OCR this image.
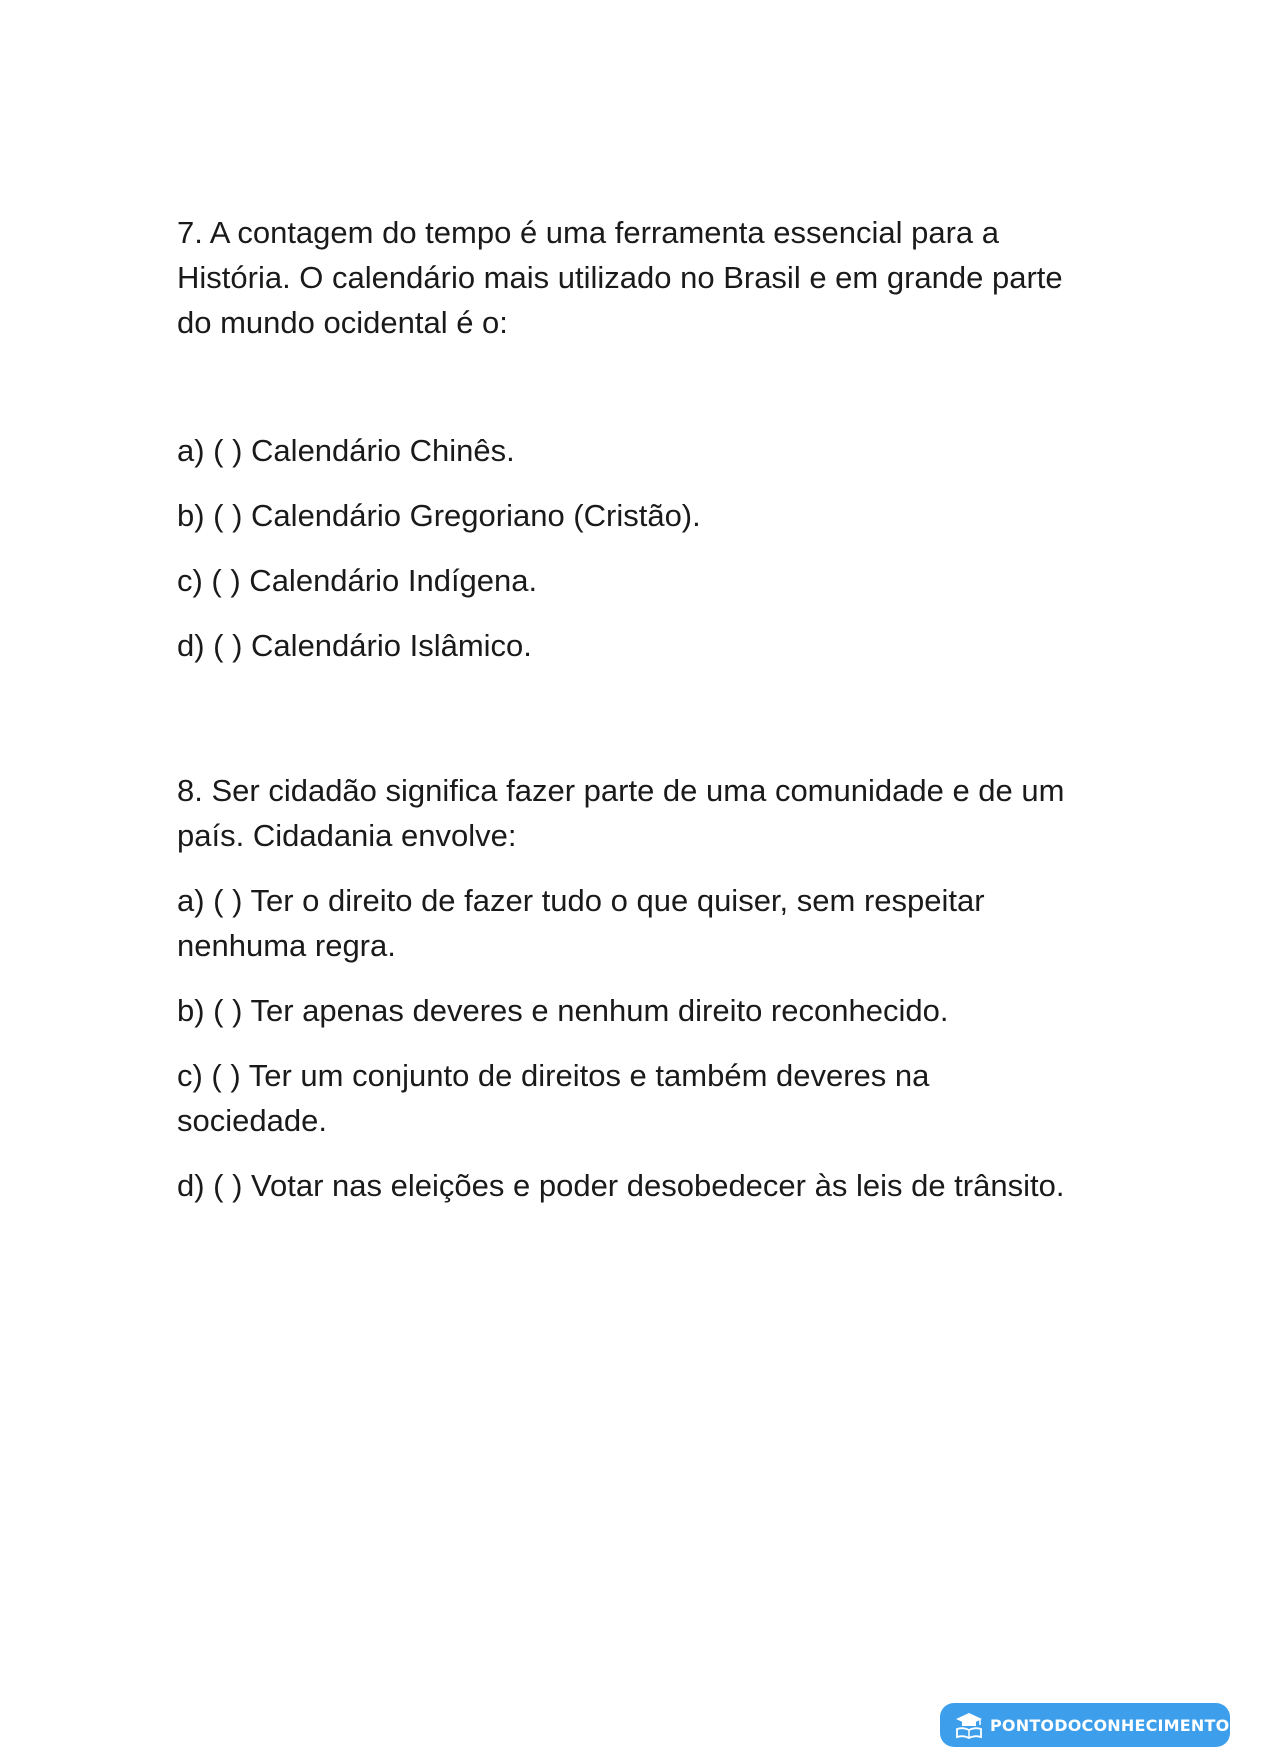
7. A contagem do tempo é uma ferramenta essencial para a História. O calendário mais utilizado no Brasil e em grande parte do mundo ocidental é o:

a) ( ) Calendário Chinês.

b) ( ) Calendário Gregoriano (Cristão).

c) ( ) Calendário Indígena.

d) ( ) Calendário Islâmico.

8. Ser cidadão significa fazer parte de uma comunidade e de um país. Cidadania envolve:

a) ( ) Ter o direito de fazer tudo o que quiser, sem respeitar nenhuma regra.

b) ( ) Ter apenas deveres e nenhum direito reconhecido.

c) ( ) Ter um conjunto de direitos e também deveres na sociedade.

d) ( ) Votar nas eleições e poder desobedecer às leis de trânsito.

PONTODOCONHECIMENTO.COM
